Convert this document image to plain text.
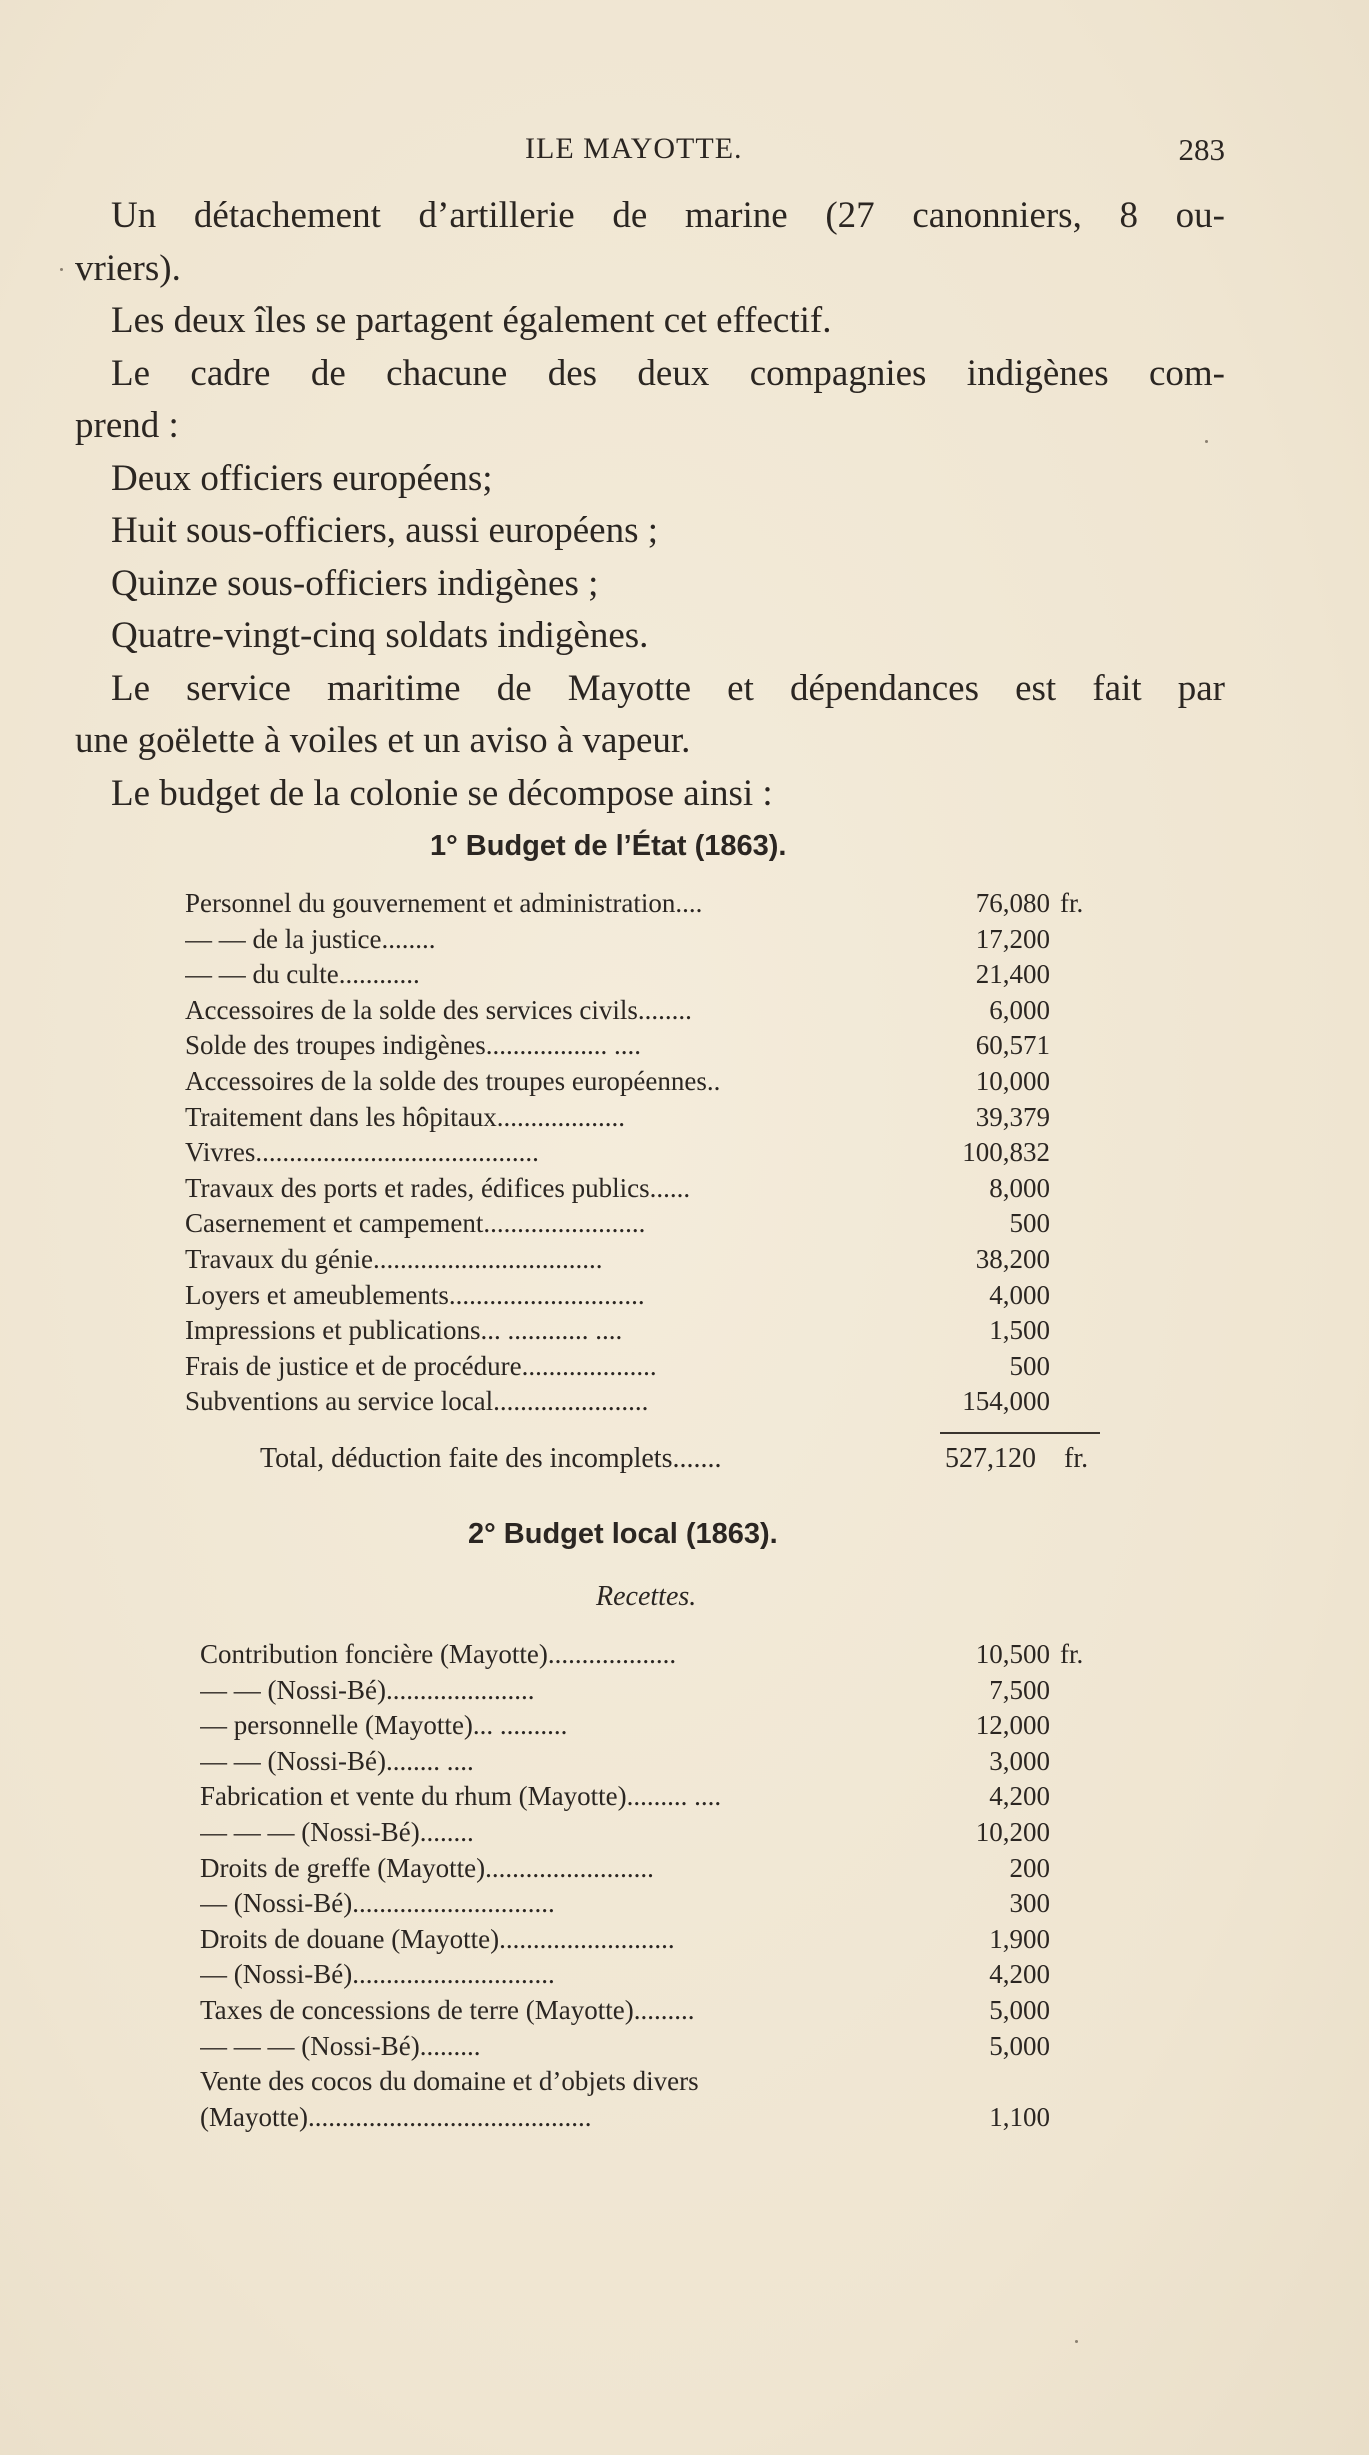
ILE MAYOTTE.	283
Un détachement d’artillerie de marine (27 canonniers, 8 ou-
vriers).
Les deux îles se partagent également cet effectif.
Le cadre de chacune des deux compagnies indigènes com-
prend :
Deux officiers européens;
Huit sous-officiers, aussi européens ;
Quinze sous-officiers indigènes ;
Quatre-vingt-cinq soldats indigènes.
Le service maritime de Mayotte et dépendances est fait par
une goëlette à voiles et un aviso à vapeur.
Le budget de la colonie se décompose ainsi :
1° Budget de l’État (1863).
Personnel du gouvernement et administration....	76,080 fr.
— — de la justice........	17,200
— — du culte............	21,400
Accessoires de la solde des services civils........	6,000
Solde des troupes indigènes.................. ....	60,571
Accessoires de la solde des troupes européennes..	10,000
Traitement dans les hôpitaux...................	39,379
Vivres..........................................	100,832
Travaux des ports et rades, édifices publics......	8,000
Casernement et campement........................	500
Travaux du génie..................................	38,200
Loyers et ameublements.............................	4,000
Impressions et publications... ............ ....	1,500
Frais de justice et de procédure....................	500
Subventions au service local.......................	154,000
Total, déduction faite des incomplets.......	527,120 fr.
2° Budget local (1863).
Recettes.
Contribution foncière (Mayotte)...................	10,500 fr.
— — (Nossi-Bé)......................	7,500
— personnelle (Mayotte)... ..........	12,000
— — (Nossi-Bé)........ ....	3,000
Fabrication et vente du rhum (Mayotte)......... ....	4,200
— — — (Nossi-Bé)........	10,200
Droits de greffe (Mayotte).........................	200
— (Nossi-Bé)..............................	300
Droits de douane (Mayotte)..........................	1,900
— (Nossi-Bé)..............................	4,200
Taxes de concessions de terre (Mayotte).........	5,000
— — — (Nossi-Bé).........	5,000
Vente des cocos du domaine et d’objets divers
(Mayotte)..........................................	1,100
